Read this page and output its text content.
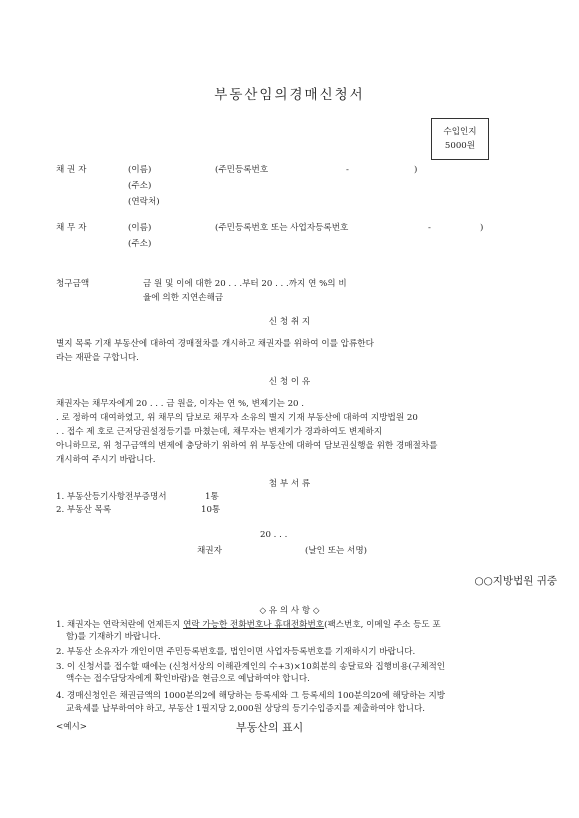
부동산임의경매신청서
수입인지
5000원
채 권 자	(이름)	(주민등록번호	-	)
(주소)
(연락처)
채 무 자	(이름)	(주민등록번호 또는 사업자등록번호	-	)
(주소)
청구금액	금 원 및 이에 대한 20 . . .부터 20 . . .까지 연 %의 비
율에 의한 지연손해금
신 청 취 지
별지 목록 기재 부동산에 대하여 경매절차를 개시하고 채권자를 위하여 이를 압류한다
라는 재판을 구합니다.
신 청 이 유
채권자는 채무자에게 20 . . . 금 원을, 이자는 연 %, 변제기는 20 .
. 로 정하여 대여하였고, 위 채무의 담보로 채무자 소유의 별지 기재 부동산에 대하여 지방법원 20
. . 접수 제 호로 근저당권설정등기를 마쳤는데, 채무자는 변제기가 경과하여도 변제하지
아니하므로, 위 청구금액의 변제에 충당하기 위하여 위 부동산에 대하여 담보권실행을 위한 경매절차를
개시하여 주시기 바랍니다.
첨 부 서 류
1. 부동산등기사항전부증명서	1통
2. 부동산 목록	10통
20 . . .
채권자	(날인 또는 서명)
○○지방법원 귀중
◇ 유 의 사 항 ◇
1. 채권자는 연락처란에 언제든지 연락 가능한 전화번호나 휴대전화번호(팩스번호, 이메일 주소 등도 포
함)를 기재하기 바랍니다.
2. 부동산 소유자가 개인이면 주민등록번호를, 법인이면 사업자등록번호를 기재하시기 바랍니다.
3. 이 신청서를 접수할 때에는 (신청서상의 이해관계인의 수+3)×10회분의 송달료와 집행비용(구체적인
액수는 접수담당자에게 확인바람)을 현금으로 예납하여야 합니다.
4. 경매신청인은 채권금액의 1000분의2에 해당하는 등록세와 그 등록세의 100분의20에 해당하는 지방
교육세를 납부하여야 하고, 부동산 1필지당 2,000원 상당의 등기수입증지를 제출하여야 합니다.
<예시>	부동산의 표시
